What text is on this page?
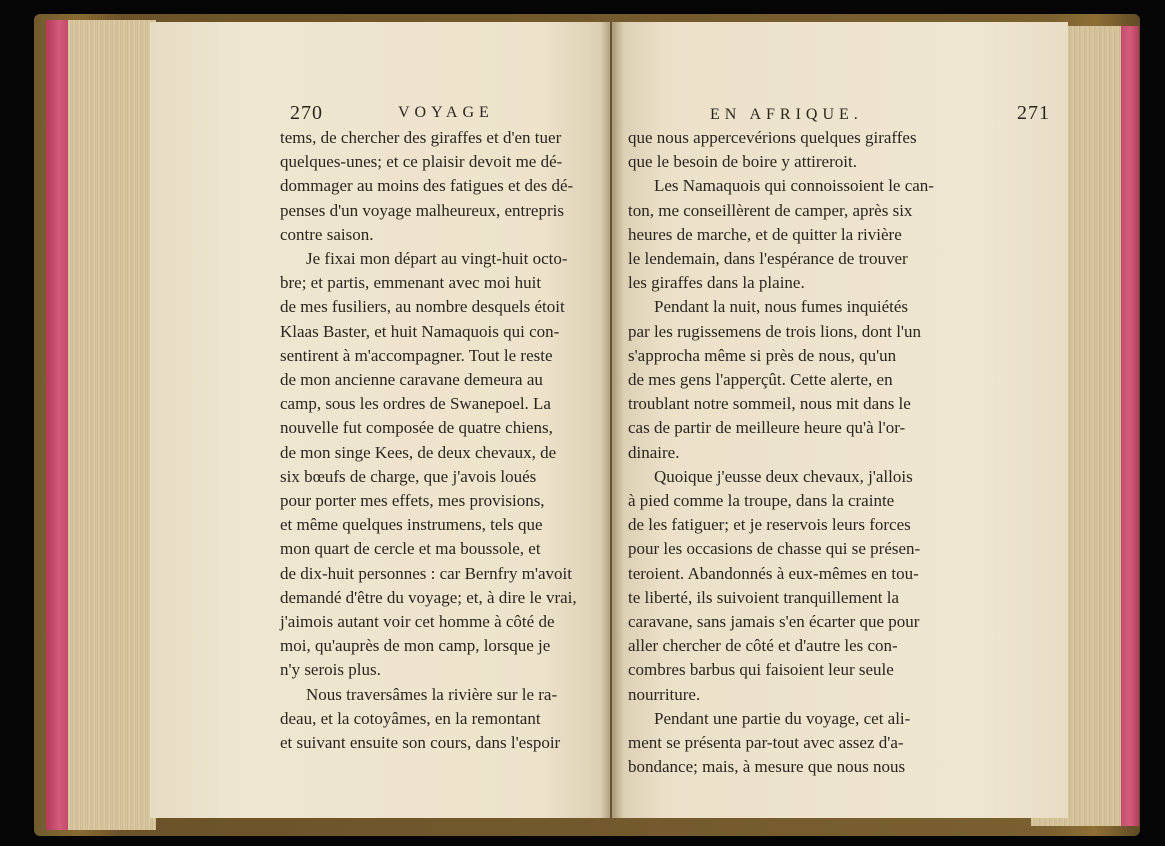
270	VOYAGE
tems, de chercher des giraffes et d'en tuer
quelques-unes; et ce plaisir devoit me dé-
dommager au moins des fatigues et des dé-
penses d'un voyage malheureux, entrepris
contre saison.
Je fixai mon départ au vingt-huit octo-
bre; et partis, emmenant avec moi huit
de mes fusiliers, au nombre desquels étoit
Klaas Baster, et huit Namaquois qui con-
sentirent à m'accompagner. Tout le reste
de mon ancienne caravane demeura au
camp, sous les ordres de Swanepoel. La
nouvelle fut composée de quatre chiens,
de mon singe Kees, de deux chevaux, de
six bœufs de charge, que j'avois loués
pour porter mes effets, mes provisions,
et même quelques instrumens, tels que
mon quart de cercle et ma boussole, et
de dix-huit personnes : car Bernfry m'avoit
demandé d'être du voyage; et, à dire le vrai,
j'aimois autant voir cet homme à côté de
moi, qu'auprès de mon camp, lorsque je
n'y serois plus.
Nous traversâmes la rivière sur le ra-
deau, et la cotoyâmes, en la remontant
et suivant ensuite son cours, dans l'espoir
EN AFRIQUE.	271
que nous appercevérions quelques giraffes
que le besoin de boire y attireroit.
Les Namaquois qui connoissoient le can-
ton, me conseillèrent de camper, après six
heures de marche, et de quitter la rivière
le lendemain, dans l'espérance de trouver
les giraffes dans la plaine.
Pendant la nuit, nous fumes inquiétés
par les rugissemens de trois lions, dont l'un
s'approcha même si près de nous, qu'un
de mes gens l'apperçût. Cette alerte, en
troublant notre sommeil, nous mit dans le
cas de partir de meilleure heure qu'à l'or-
dinaire.
Quoique j'eusse deux chevaux, j'allois
à pied comme la troupe, dans la crainte
de les fatiguer; et je reservois leurs forces
pour les occasions de chasse qui se présen-
teroient. Abandonnés à eux-mêmes en tou-
te liberté, ils suivoient tranquillement la
caravane, sans jamais s'en écarter que pour
aller chercher de côté et d'autre les con-
combres barbus qui faisoient leur seule
nourriture.
Pendant une partie du voyage, cet ali-
ment se présenta par-tout avec assez d'a-
bondance; mais, à mesure que nous nous
